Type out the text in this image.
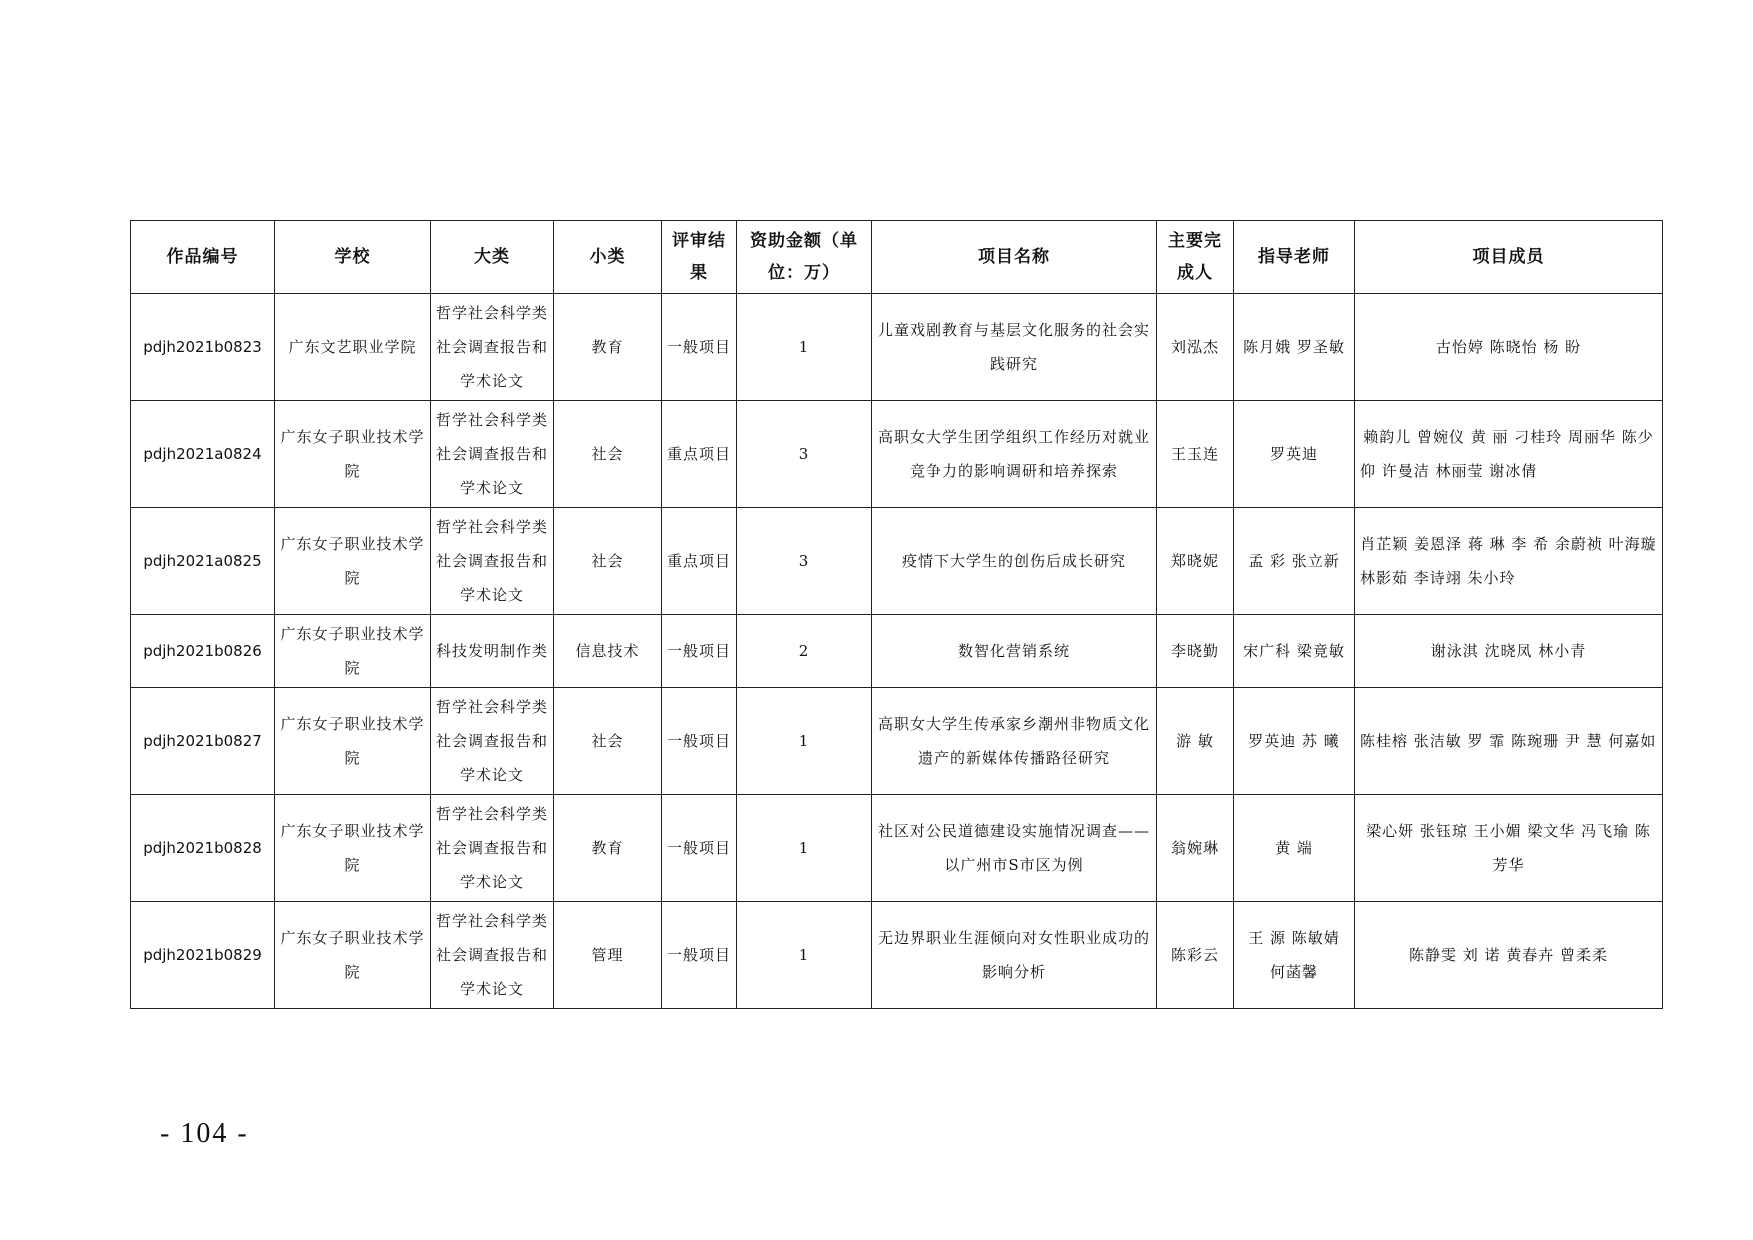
作品编号	学校	大类	小类	评审结果	资助金额（单位：万）	项目名称	主要完成人	指导老师	项目成员
pdjh2021b0823	广东文艺职业学院	哲学社会科学类社会调查报告和学术论文	教育	一般项目	1	儿童戏剧教育与基层文化服务的社会实践研究	刘泓杰	陈月娥 罗圣敏	古怡婷 陈晓怡 杨 盼
pdjh2021a0824	广东女子职业技术学院	哲学社会科学类社会调查报告和学术论文	社会	重点项目	3	高职女大学生团学组织工作经历对就业竞争力的影响调研和培养探索	王玉连	罗英迪	赖韵儿 曾婉仪 黄 丽 刁桂玲 周丽华 陈少仰 许曼洁 林丽莹 谢冰倩
pdjh2021a0825	广东女子职业技术学院	哲学社会科学类社会调查报告和学术论文	社会	重点项目	3	疫情下大学生的创伤后成长研究	郑晓妮	孟 彩 张立新	肖芷颖 姜恩泽 蒋 琳 李 希 余蔚祯 叶海璇 林影茹 李诗翊 朱小玲
pdjh2021b0826	广东女子职业技术学院	科技发明制作类	信息技术	一般项目	2	数智化营销系统	李晓勤	宋广科 梁竟敏	谢泳淇 沈晓凤 林小青
pdjh2021b0827	广东女子职业技术学院	哲学社会科学类社会调查报告和学术论文	社会	一般项目	1	高职女大学生传承家乡潮州非物质文化遗产的新媒体传播路径研究	游 敏	罗英迪 苏 曦	陈桂榕 张洁敏 罗 霏 陈琬珊 尹 慧 何嘉如
pdjh2021b0828	广东女子职业技术学院	哲学社会科学类社会调查报告和学术论文	教育	一般项目	1	社区对公民道德建设实施情况调查——以广州市S市区为例	翁婉琳	黄 端	梁心妍 张钰琼 王小媚 梁文华 冯飞瑜 陈芳华
pdjh2021b0829	广东女子职业技术学院	哲学社会科学类社会调查报告和学术论文	管理	一般项目	1	无边界职业生涯倾向对女性职业成功的影响分析	陈彩云	王 源 陈敏婧 何菡馨	陈静雯 刘 诺 黄春卉 曾柔柔
- 104 -
